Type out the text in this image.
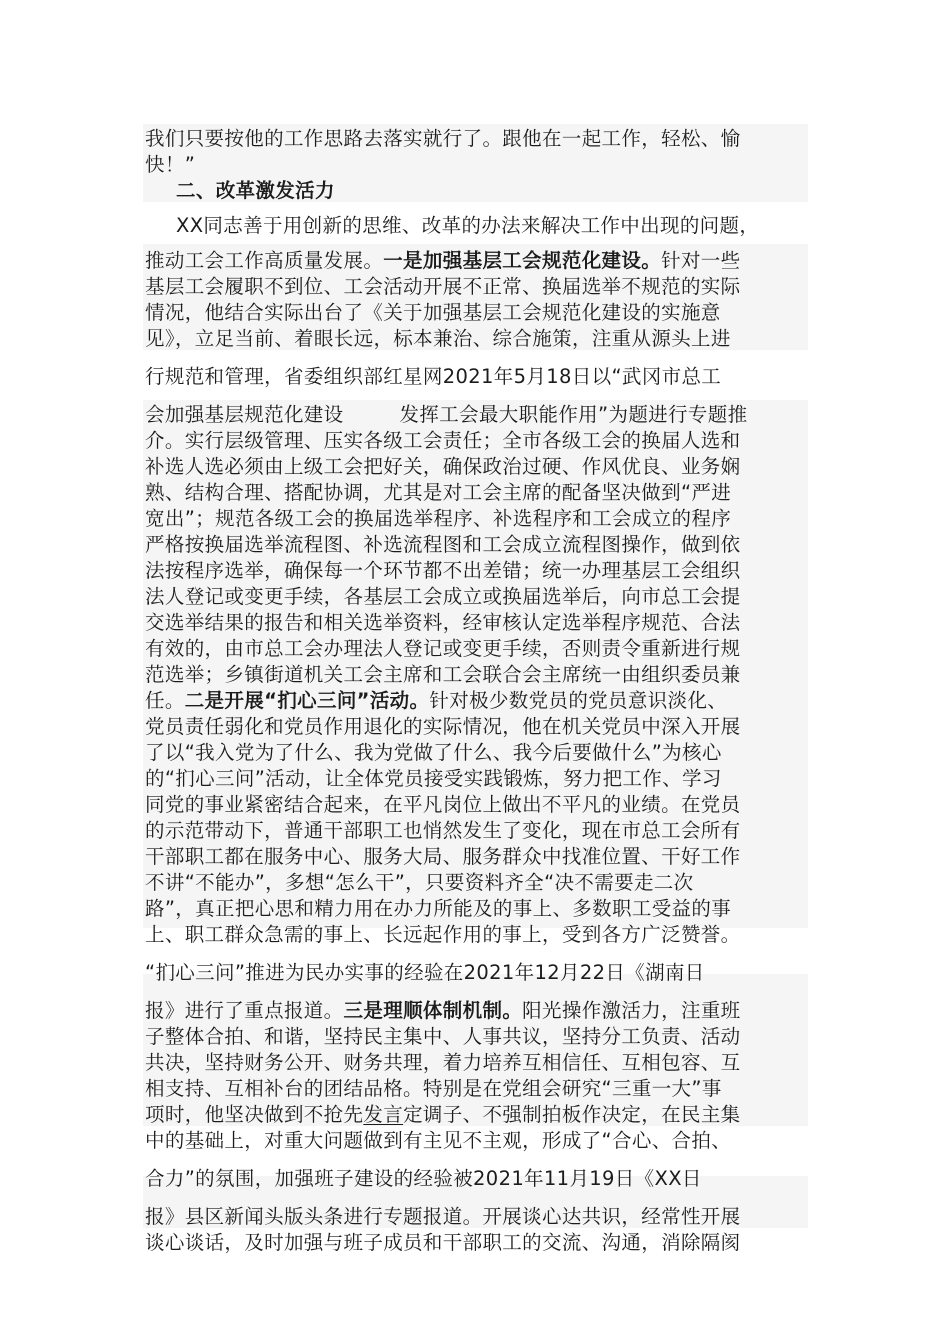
我们只要按他的工作思路去落实就行了。跟他在一起工作，轻松、愉
快！”
二、改革激发活力
XX同志善于用创新的思维、改革的办法来解决工作中出现的问题，
推动工会工作高质量发展。一是加强基层工会规范化建设。针对一些
基层工会履职不到位、工会活动开展不正常、换届选举不规范的实际
情况，他结合实际出台了《关于加强基层工会规范化建设的实施意
见》，立足当前、着眼长远，标本兼治、综合施策，注重从源头上进
行规范和管理，省委组织部红星网2021年5月18日以“武冈市总工
会加强基层规范化建设	发挥工会最大职能作用”为题进行专题推
介。实行层级管理、压实各级工会责任；全市各级工会的换届人选和
补选人选必须由上级工会把好关，确保政治过硬、作风优良、业务娴
熟、结构合理、搭配协调，尤其是对工会主席的配备坚决做到“严进
宽出”；规范各级工会的换届选举程序、补选程序和工会成立的程序
严格按换届选举流程图、补选流程图和工会成立流程图操作，做到依
法按程序选举，确保每一个环节都不出差错；统一办理基层工会组织
法人登记或变更手续，各基层工会成立或换届选举后，向市总工会提
交选举结果的报告和相关选举资料，经审核认定选举程序规范、合法
有效的，由市总工会办理法人登记或变更手续，否则责令重新进行规
范选举；乡镇街道机关工会主席和工会联合会主席统一由组织委员兼
任。二是开展“扪心三问”活动。针对极少数党员的党员意识淡化、
党员责任弱化和党员作用退化的实际情况，他在机关党员中深入开展
了以“我入党为了什么、我为党做了什么、我今后要做什么”为核心
的“扪心三问”活动，让全体党员接受实践锻炼，努力把工作、学习
同党的事业紧密结合起来，在平凡岗位上做出不平凡的业绩。在党员
的示范带动下，普通干部职工也悄然发生了变化，现在市总工会所有
干部职工都在服务中心、服务大局、服务群众中找准位置、干好工作
不讲“不能办”，多想“怎么干”，只要资料齐全“决不需要走二次
路”，真正把心思和精力用在办力所能及的事上、多数职工受益的事
上、职工群众急需的事上、长远起作用的事上，受到各方广泛赞誉。
“扪心三问”推进为民办实事的经验在2021年12月22日《湖南日
报》进行了重点报道。三是理顺体制机制。阳光操作激活力，注重班
子整体合拍、和谐，坚持民主集中、人事共议，坚持分工负责、活动
共决，坚持财务公开、财务共理，着力培养互相信任、互相包容、互
相支持、互相补台的团结品格。特别是在党组会研究“三重一大”事
项时，他坚决做到不抢先发言定调子、不强制拍板作决定，在民主集
中的基础上，对重大问题做到有主见不主观，形成了“合心、合拍、
合力”的氛围，加强班子建设的经验被2021年11月19日《XX日
报》县区新闻头版头条进行专题报道。开展谈心达共识，经常性开展
谈心谈话，及时加强与班子成员和干部职工的交流、沟通，消除隔阂
